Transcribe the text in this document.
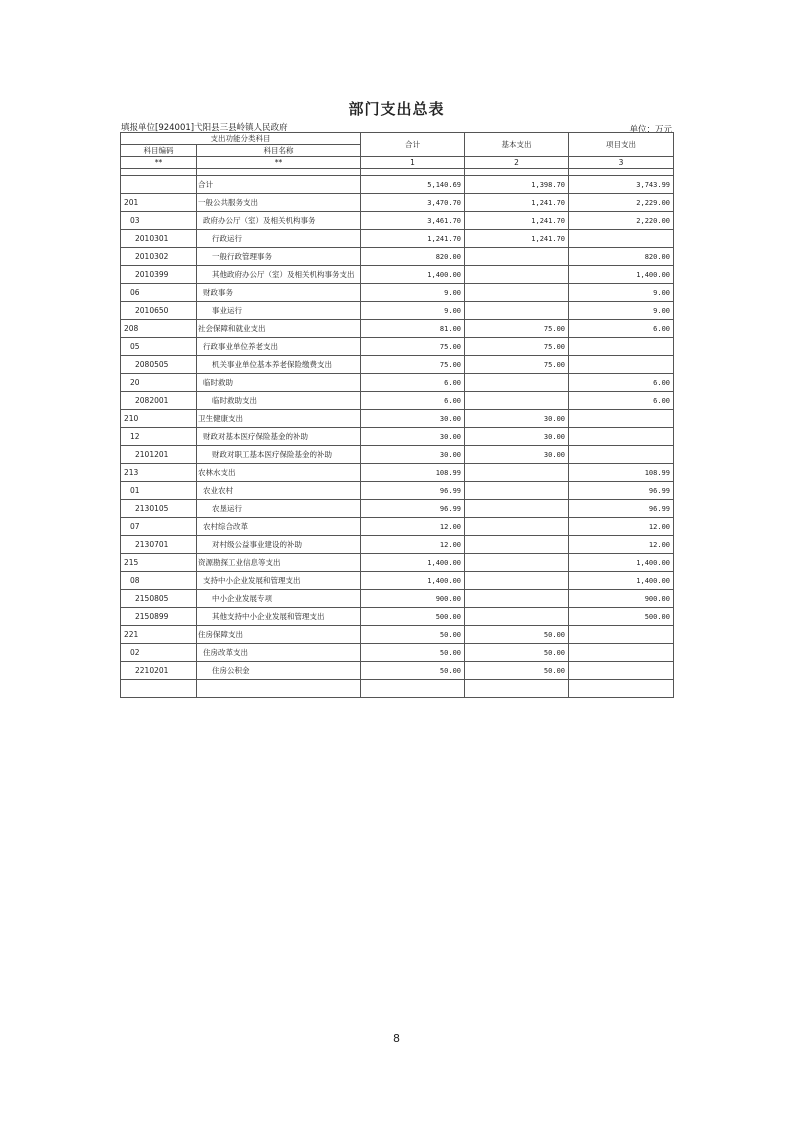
部门支出总表
填报单位[924001]弋阳县三县岭镇人民政府	单位：万元
支出功能分类科目		合计	基本支出	项目支出
科目编码	科目名称			
**	**	1	2	3

	合计	5,140.69	1,398.70	3,743.99
201	一般公共服务支出	3,470.70	1,241.70	2,229.00
03	政府办公厅（室）及相关机构事务	3,461.70	1,241.70	2,220.00
2010301	行政运行	1,241.70	1,241.70	
2010302	一般行政管理事务	820.00		820.00
2010399	其他政府办公厅（室）及相关机构事务支出	1,400.00		1,400.00
06	财政事务	9.00		9.00
2010650	事业运行	9.00		9.00
208	社会保障和就业支出	81.00	75.00	6.00
05	行政事业单位养老支出	75.00	75.00	
2080505	机关事业单位基本养老保险缴费支出	75.00	75.00	
20	临时救助	6.00		6.00
2082001	临时救助支出	6.00		6.00
210	卫生健康支出	30.00	30.00	
12	财政对基本医疗保险基金的补助	30.00	30.00	
2101201	财政对职工基本医疗保险基金的补助	30.00	30.00	
213	农林水支出	108.99		108.99
01	农业农村	96.99		96.99
2130105	农垦运行	96.99		96.99
07	农村综合改革	12.00		12.00
2130701	对村级公益事业建设的补助	12.00		12.00
215	资源勘探工业信息等支出	1,400.00		1,400.00
08	支持中小企业发展和管理支出	1,400.00		1,400.00
2150805	中小企业发展专项	900.00		900.00
2150899	其他支持中小企业发展和管理支出	500.00		500.00
221	住房保障支出	50.00	50.00	
02	住房改革支出	50.00	50.00	
2210201	住房公积金	50.00	50.00	

8
